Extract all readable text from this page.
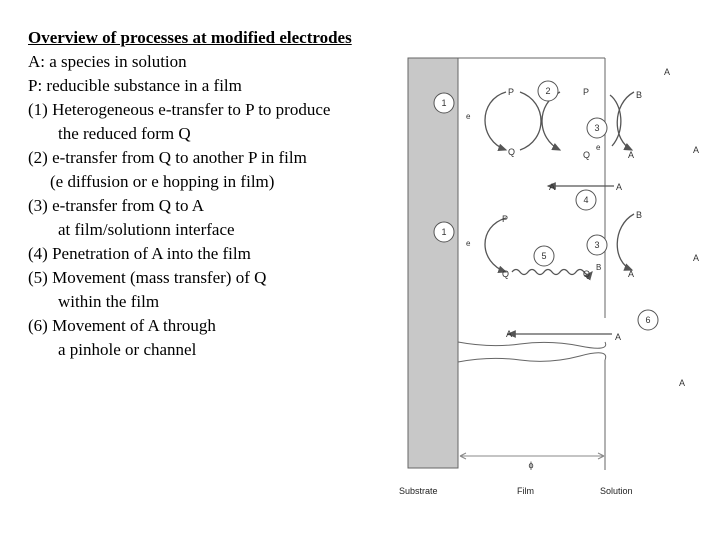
Overview of processes at modified electrodes

A: a species in solution

P: reducible substance in a film

(1) Heterogeneous e-transfer to P to produce

the reduced form Q

(2) e-transfer from Q to another P in film

(e diffusion or e hopping in film)

(3) e-transfer from Q to A

at film/solutionn interface

(4) Penetration of A into the film

(5) Movement (mass transfer) of Q

within the film

(6) Movement of A through

a pinhole or channel

1
2
3
4
1
5
3
6
P
Q
e
P
Q
e
B
A
A
A
A	A
P
e
Q
B
B
Q	A
A
A	A
A
ϕ
Substrate	Film	Solution
